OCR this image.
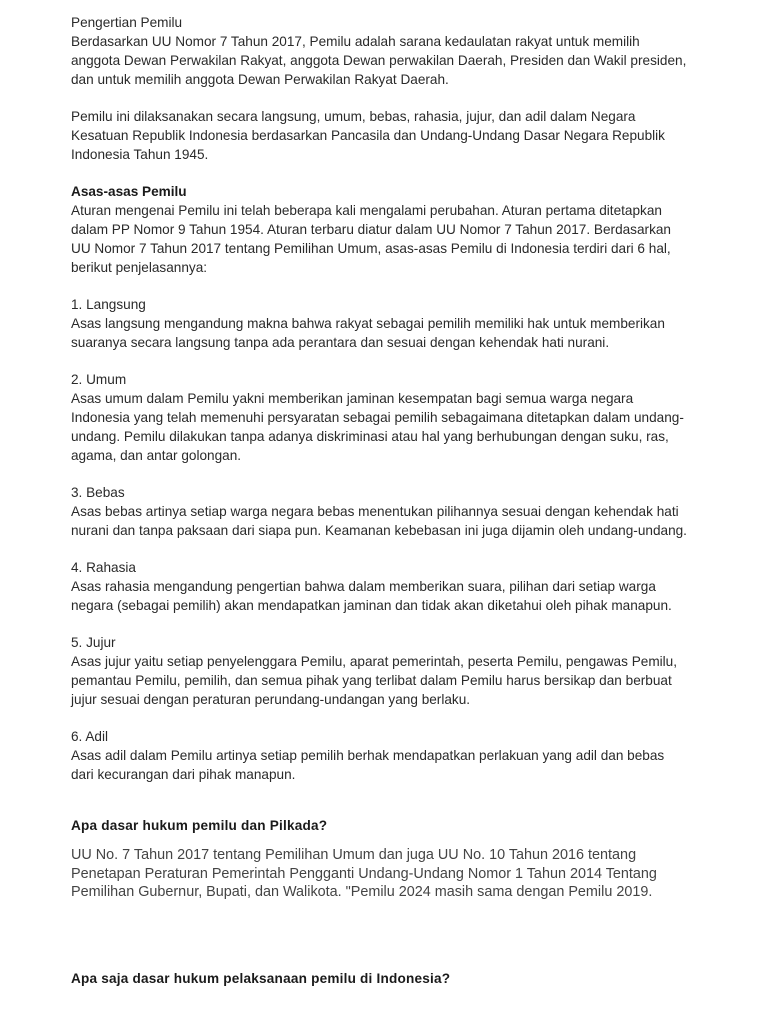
Pengertian Pemilu
Berdasarkan UU Nomor 7 Tahun 2017, Pemilu adalah sarana kedaulatan rakyat untuk memilih
anggota Dewan Perwakilan Rakyat, anggota Dewan perwakilan Daerah, Presiden dan Wakil presiden,
dan untuk memilih anggota Dewan Perwakilan Rakyat Daerah.
Pemilu ini dilaksanakan secara langsung, umum, bebas, rahasia, jujur, dan adil dalam Negara
Kesatuan Republik Indonesia berdasarkan Pancasila dan Undang-Undang Dasar Negara Republik
Indonesia Tahun 1945.
Asas-asas Pemilu
Aturan mengenai Pemilu ini telah beberapa kali mengalami perubahan. Aturan pertama ditetapkan
dalam PP Nomor 9 Tahun 1954. Aturan terbaru diatur dalam UU Nomor 7 Tahun 2017. Berdasarkan
UU Nomor 7 Tahun 2017 tentang Pemilihan Umum, asas-asas Pemilu di Indonesia terdiri dari 6 hal,
berikut penjelasannya:
1. Langsung
Asas langsung mengandung makna bahwa rakyat sebagai pemilih memiliki hak untuk memberikan
suaranya secara langsung tanpa ada perantara dan sesuai dengan kehendak hati nurani.
2. Umum
Asas umum dalam Pemilu yakni memberikan jaminan kesempatan bagi semua warga negara
Indonesia yang telah memenuhi persyaratan sebagai pemilih sebagaimana ditetapkan dalam undang-
undang. Pemilu dilakukan tanpa adanya diskriminasi atau hal yang berhubungan dengan suku, ras,
agama, dan antar golongan.
3. Bebas
Asas bebas artinya setiap warga negara bebas menentukan pilihannya sesuai dengan kehendak hati
nurani dan tanpa paksaan dari siapa pun. Keamanan kebebasan ini juga dijamin oleh undang-undang.
4. Rahasia
Asas rahasia mengandung pengertian bahwa dalam memberikan suara, pilihan dari setiap warga
negara (sebagai pemilih) akan mendapatkan jaminan dan tidak akan diketahui oleh pihak manapun.
5. Jujur
Asas jujur yaitu setiap penyelenggara Pemilu, aparat pemerintah, peserta Pemilu, pengawas Pemilu,
pemantau Pemilu, pemilih, dan semua pihak yang terlibat dalam Pemilu harus bersikap dan berbuat
jujur sesuai dengan peraturan perundang-undangan yang berlaku.
6. Adil
Asas adil dalam Pemilu artinya setiap pemilih berhak mendapatkan perlakuan yang adil dan bebas
dari kecurangan dari pihak manapun.
Apa dasar hukum pemilu dan Pilkada?
UU No. 7 Tahun 2017 tentang Pemilihan Umum dan juga UU No. 10 Tahun 2016 tentang
Penetapan Peraturan Pemerintah Pengganti Undang-Undang Nomor 1 Tahun 2014 Tentang
Pemilihan Gubernur, Bupati, dan Walikota. "Pemilu 2024 masih sama dengan Pemilu 2019.
Apa saja dasar hukum pelaksanaan pemilu di Indonesia?
